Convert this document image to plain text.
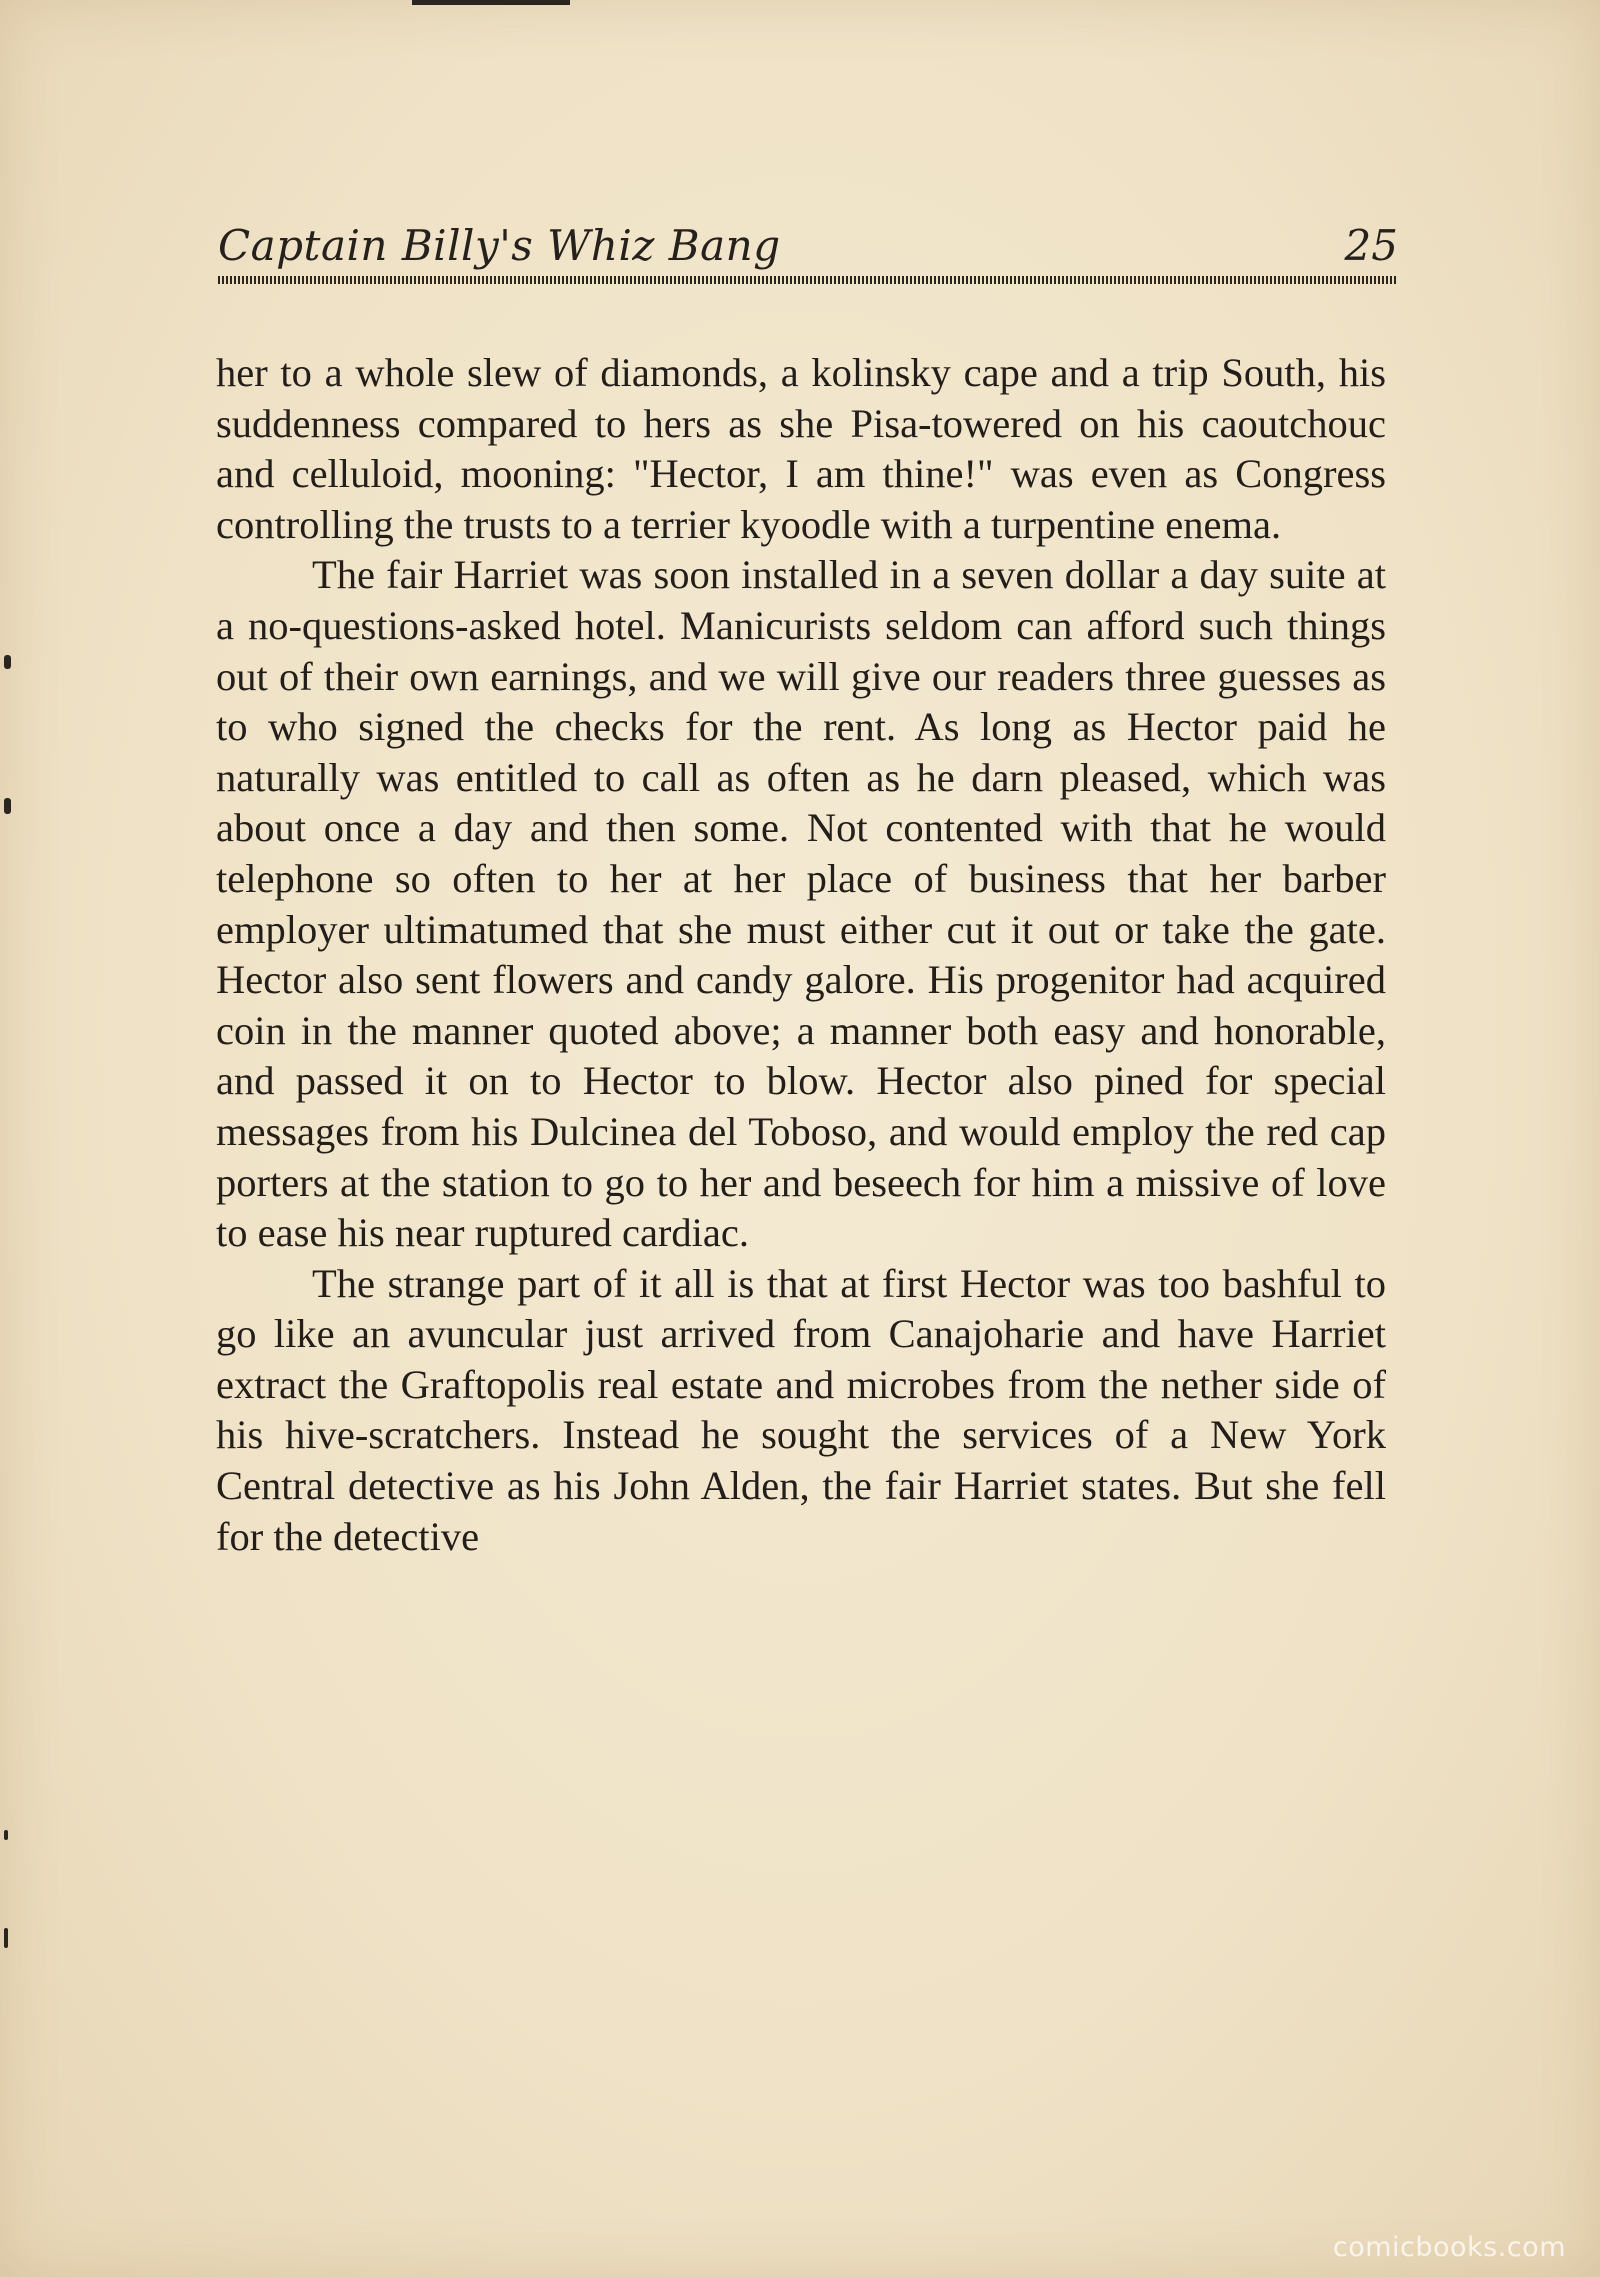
Captain Billy's Whiz Bang	25

her to a whole slew of diamonds, a kolinsky cape and a trip South, his suddenness compared to hers as she Pisa-towered on his caoutchouc and celluloid, mooning: "Hector, I am thine!" was even as Congress controlling the trusts to a terrier kyoodle with a turpentine enema.

The fair Harriet was soon installed in a seven dollar a day suite at a no-questions-asked hotel. Manicurists seldom can afford such things out of their own earnings, and we will give our readers three guesses as to who signed the checks for the rent. As long as Hector paid he naturally was entitled to call as often as he darn pleased, which was about once a day and then some. Not contented with that he would telephone so often to her at her place of business that her barber employer ultimatumed that she must either cut it out or take the gate. Hector also sent flowers and candy galore. His progenitor had acquired coin in the manner quoted above; a manner both easy and honorable, and passed it on to Hector to blow. Hector also pined for special messages from his Dulcinea del Toboso, and would employ the red cap porters at the station to go to her and beseech for him a missive of love to ease his near ruptured cardiac.

The strange part of it all is that at first Hector was too bashful to go like an avuncular just arrived from Canajoharie and have Harriet extract the Graftopolis real estate and microbes from the nether side of his hive-scratchers. Instead he sought the services of a New York Central detective as his John Alden, the fair Harriet states. But she fell for the detective

comicbooks.com
